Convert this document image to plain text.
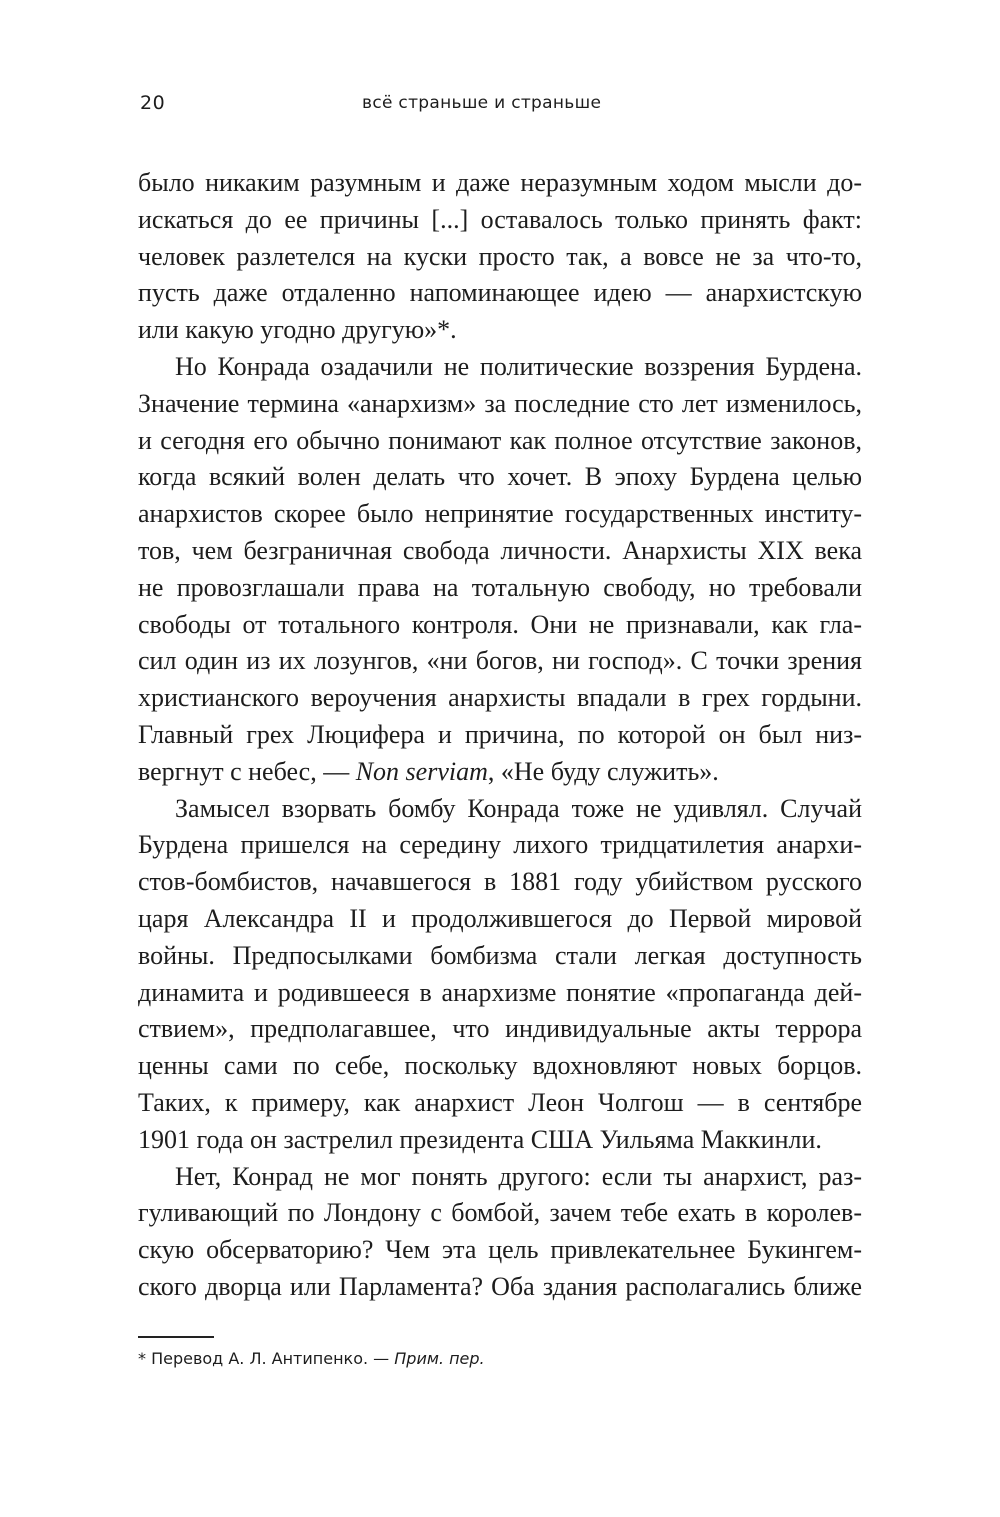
20	всё страньше и страньше
было никаким разумным и даже неразумным ходом мысли до-
искаться до ее причины [...] оставалось только принять факт:
человек разлетелся на куски просто так, а вовсе не за что-то,
пусть даже отдаленно напоминающее идею — анархистскую
или какую угодно другую»*.
Но Конрада озадачили не политические воззрения Бурдена.
Значение термина «анархизм» за последние сто лет изменилось,
и сегодня его обычно понимают как полное отсутствие законов,
когда всякий волен делать что хочет. В эпоху Бурдена целью
анархистов скорее было непринятие государственных институ-
тов, чем безграничная свобода личности. Анархисты XIX века
не провозглашали права на тотальную свободу, но требовали
свободы от тотального контроля. Они не признавали, как гла-
сил один из их лозунгов, «ни богов, ни господ». С точки зрения
христианского вероучения анархисты впадали в грех гордыни.
Главный грех Люцифера и причина, по которой он был низ-
вергнут с небес, — Non serviam, «Не буду служить».
Замысел взорвать бомбу Конрада тоже не удивлял. Случай
Бурдена пришелся на середину лихого тридцатилетия анархи-
стов-бомбистов, начавшегося в 1881 году убийством русского
царя Александра II и продолжившегося до Первой мировой
войны. Предпосылками бомбизма стали легкая доступность
динамита и родившееся в анархизме понятие «пропаганда дей-
ствием», предполагавшее, что индивидуальные акты террора
ценны сами по себе, поскольку вдохновляют новых борцов.
Таких, к примеру, как анархист Леон Чолгош — в сентябре
1901 года он застрелил президента США Уильяма Маккинли.
Нет, Конрад не мог понять другого: если ты анархист, раз-
гуливающий по Лондону с бомбой, зачем тебе ехать в королев-
скую обсерваторию? Чем эта цель привлекательнее Букингем-
ского дворца или Парламента? Оба здания располагались ближе
* Перевод А. Л. Антипенко. — Прим. пер.
